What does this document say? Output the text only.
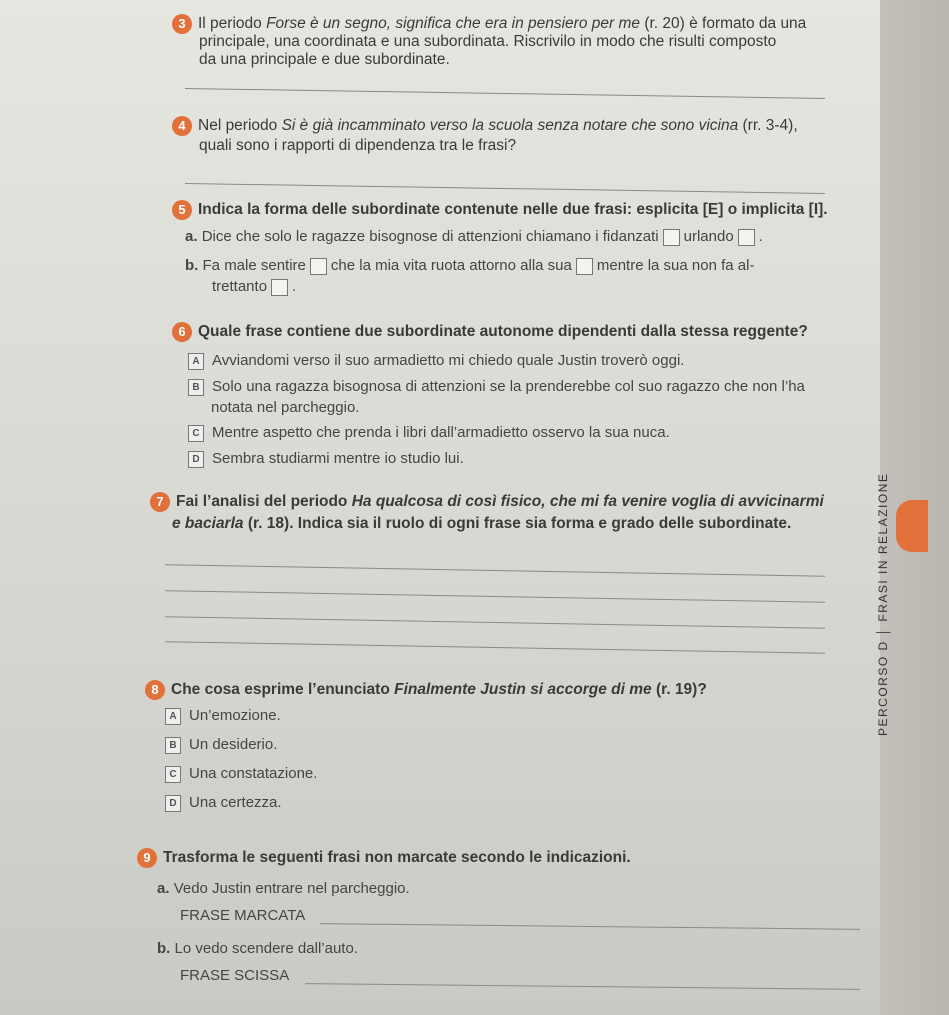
3 Il periodo Forse è un segno, significa che era in pensiero per me (r. 20) è formato da una
principale, una coordinata e una subordinata. Riscrivilo in modo che risulti composto
da una principale e due subordinate.
4 Nel periodo Si è già incamminato verso la scuola senza notare che sono vicina (rr. 3-4),
quali sono i rapporti di dipendenza tra le frasi?
5 Indica la forma delle subordinate contenute nelle due frasi: esplicita [E] o implicita [I].
a. Dice che solo le ragazze bisognose di attenzioni chiamano i fidanzati urlando .
b. Fa male sentire che la mia vita ruota attorno alla sua mentre la sua non fa al-
trettanto .
6 Quale frase contiene due subordinate autonome dipendenti dalla stessa reggente?
A Avviandomi verso il suo armadietto mi chiedo quale Justin troverò oggi.
B Solo una ragazza bisognosa di attenzioni se la prenderebbe col suo ragazzo che non l’ha
notata nel parcheggio.
C Mentre aspetto che prenda i libri dall’armadietto osservo la sua nuca.
D Sembra studiarmi mentre io studio lui.
7 Fai l’analisi del periodo Ha qualcosa di così fisico, che mi fa venire voglia di avvicinarmi
e baciarla (r. 18). Indica sia il ruolo di ogni frase sia forma e grado delle subordinate.
8 Che cosa esprime l’enunciato Finalmente Justin si accorge di me (r. 19)?
A Un’emozione.
B Un desiderio.
C Una constatazione.
D Una certezza.
9 Trasforma le seguenti frasi non marcate secondo le indicazioni.
a. Vedo Justin entrare nel parcheggio.
FRASE MARCATA
b. Lo vedo scendere dall’auto.
FRASE SCISSA
PERCORSO D │ FRASI IN RELAZIONE
